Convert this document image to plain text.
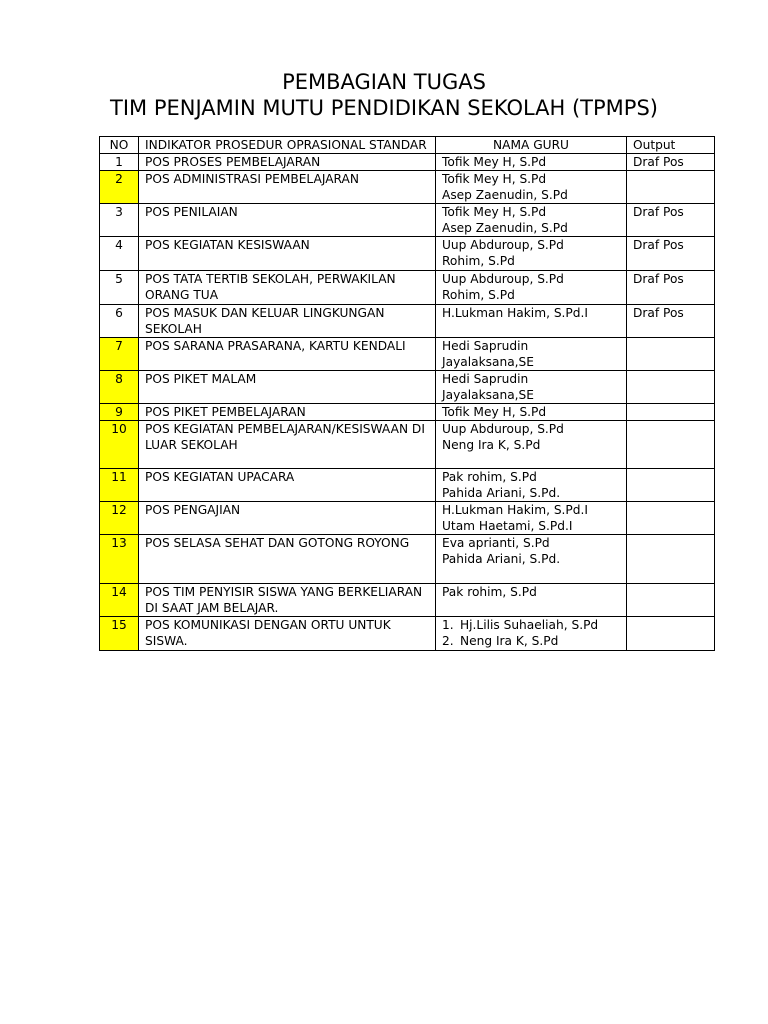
PEMBAGIAN TUGAS
TIM PENJAMIN MUTU PENDIDIKAN SEKOLAH (TPMPS)
NO	INDIKATOR PROSEDUR OPRASIONAL STANDAR	NAMA GURU	Output
1	POS PROSES PEMBELAJARAN	Tofik Mey H, S.Pd	Draf Pos
2	POS ADMINISTRASI PEMBELAJARAN	Tofik Mey H, S.Pd
Asep Zaenudin, S.Pd	

3	POS PENILAIAN	Tofik Mey H, S.Pd
Asep Zaenudin, S.Pd	Draf Pos
4	POS KEGIATAN KESISWAAN	Uup Abduroup, S.Pd
Rohim, S.Pd	Draf Pos
5	POS TATA TERTIB SEKOLAH, PERWAKILAN ORANG TUA	Uup Abduroup, S.Pd
Rohim, S.Pd	Draf Pos
6	POS MASUK DAN KELUAR LINGKUNGAN SEKOLAH	H.Lukman Hakim, S.Pd.I	Draf Pos
7	POS SARANA PRASARANA, KARTU KENDALI	Hedi Saprudin
Jayalaksana,SE	

8	POS PIKET MALAM	Hedi Saprudin
Jayalaksana,SE	

9	POS PIKET PEMBELAJARAN	Tofik Mey H, S.Pd	

10	POS KEGIATAN PEMBELAJARAN/KESISWAAN DI LUAR SEKOLAH	Uup Abduroup, S.Pd
Neng Ira K, S.Pd	

11	POS KEGIATAN UPACARA	Pak rohim, S.Pd
Pahida Ariani, S.Pd.	

12	POS PENGAJIAN	H.Lukman Hakim, S.Pd.I
Utam Haetami, S.Pd.I	

13	POS SELASA SEHAT DAN GOTONG ROYONG	Eva aprianti, S.Pd
Pahida Ariani, S.Pd.	

14	POS TIM PENYISIR SISWA YANG BERKELIARAN DI SAAT JAM BELAJAR.	Pak rohim, S.Pd	

15	POS KOMUNIKASI DENGAN ORTU UNTUK SISWA.	1. Hj.Lilis Suhaeliah, S.Pd
2. Neng Ira K, S.Pd	
